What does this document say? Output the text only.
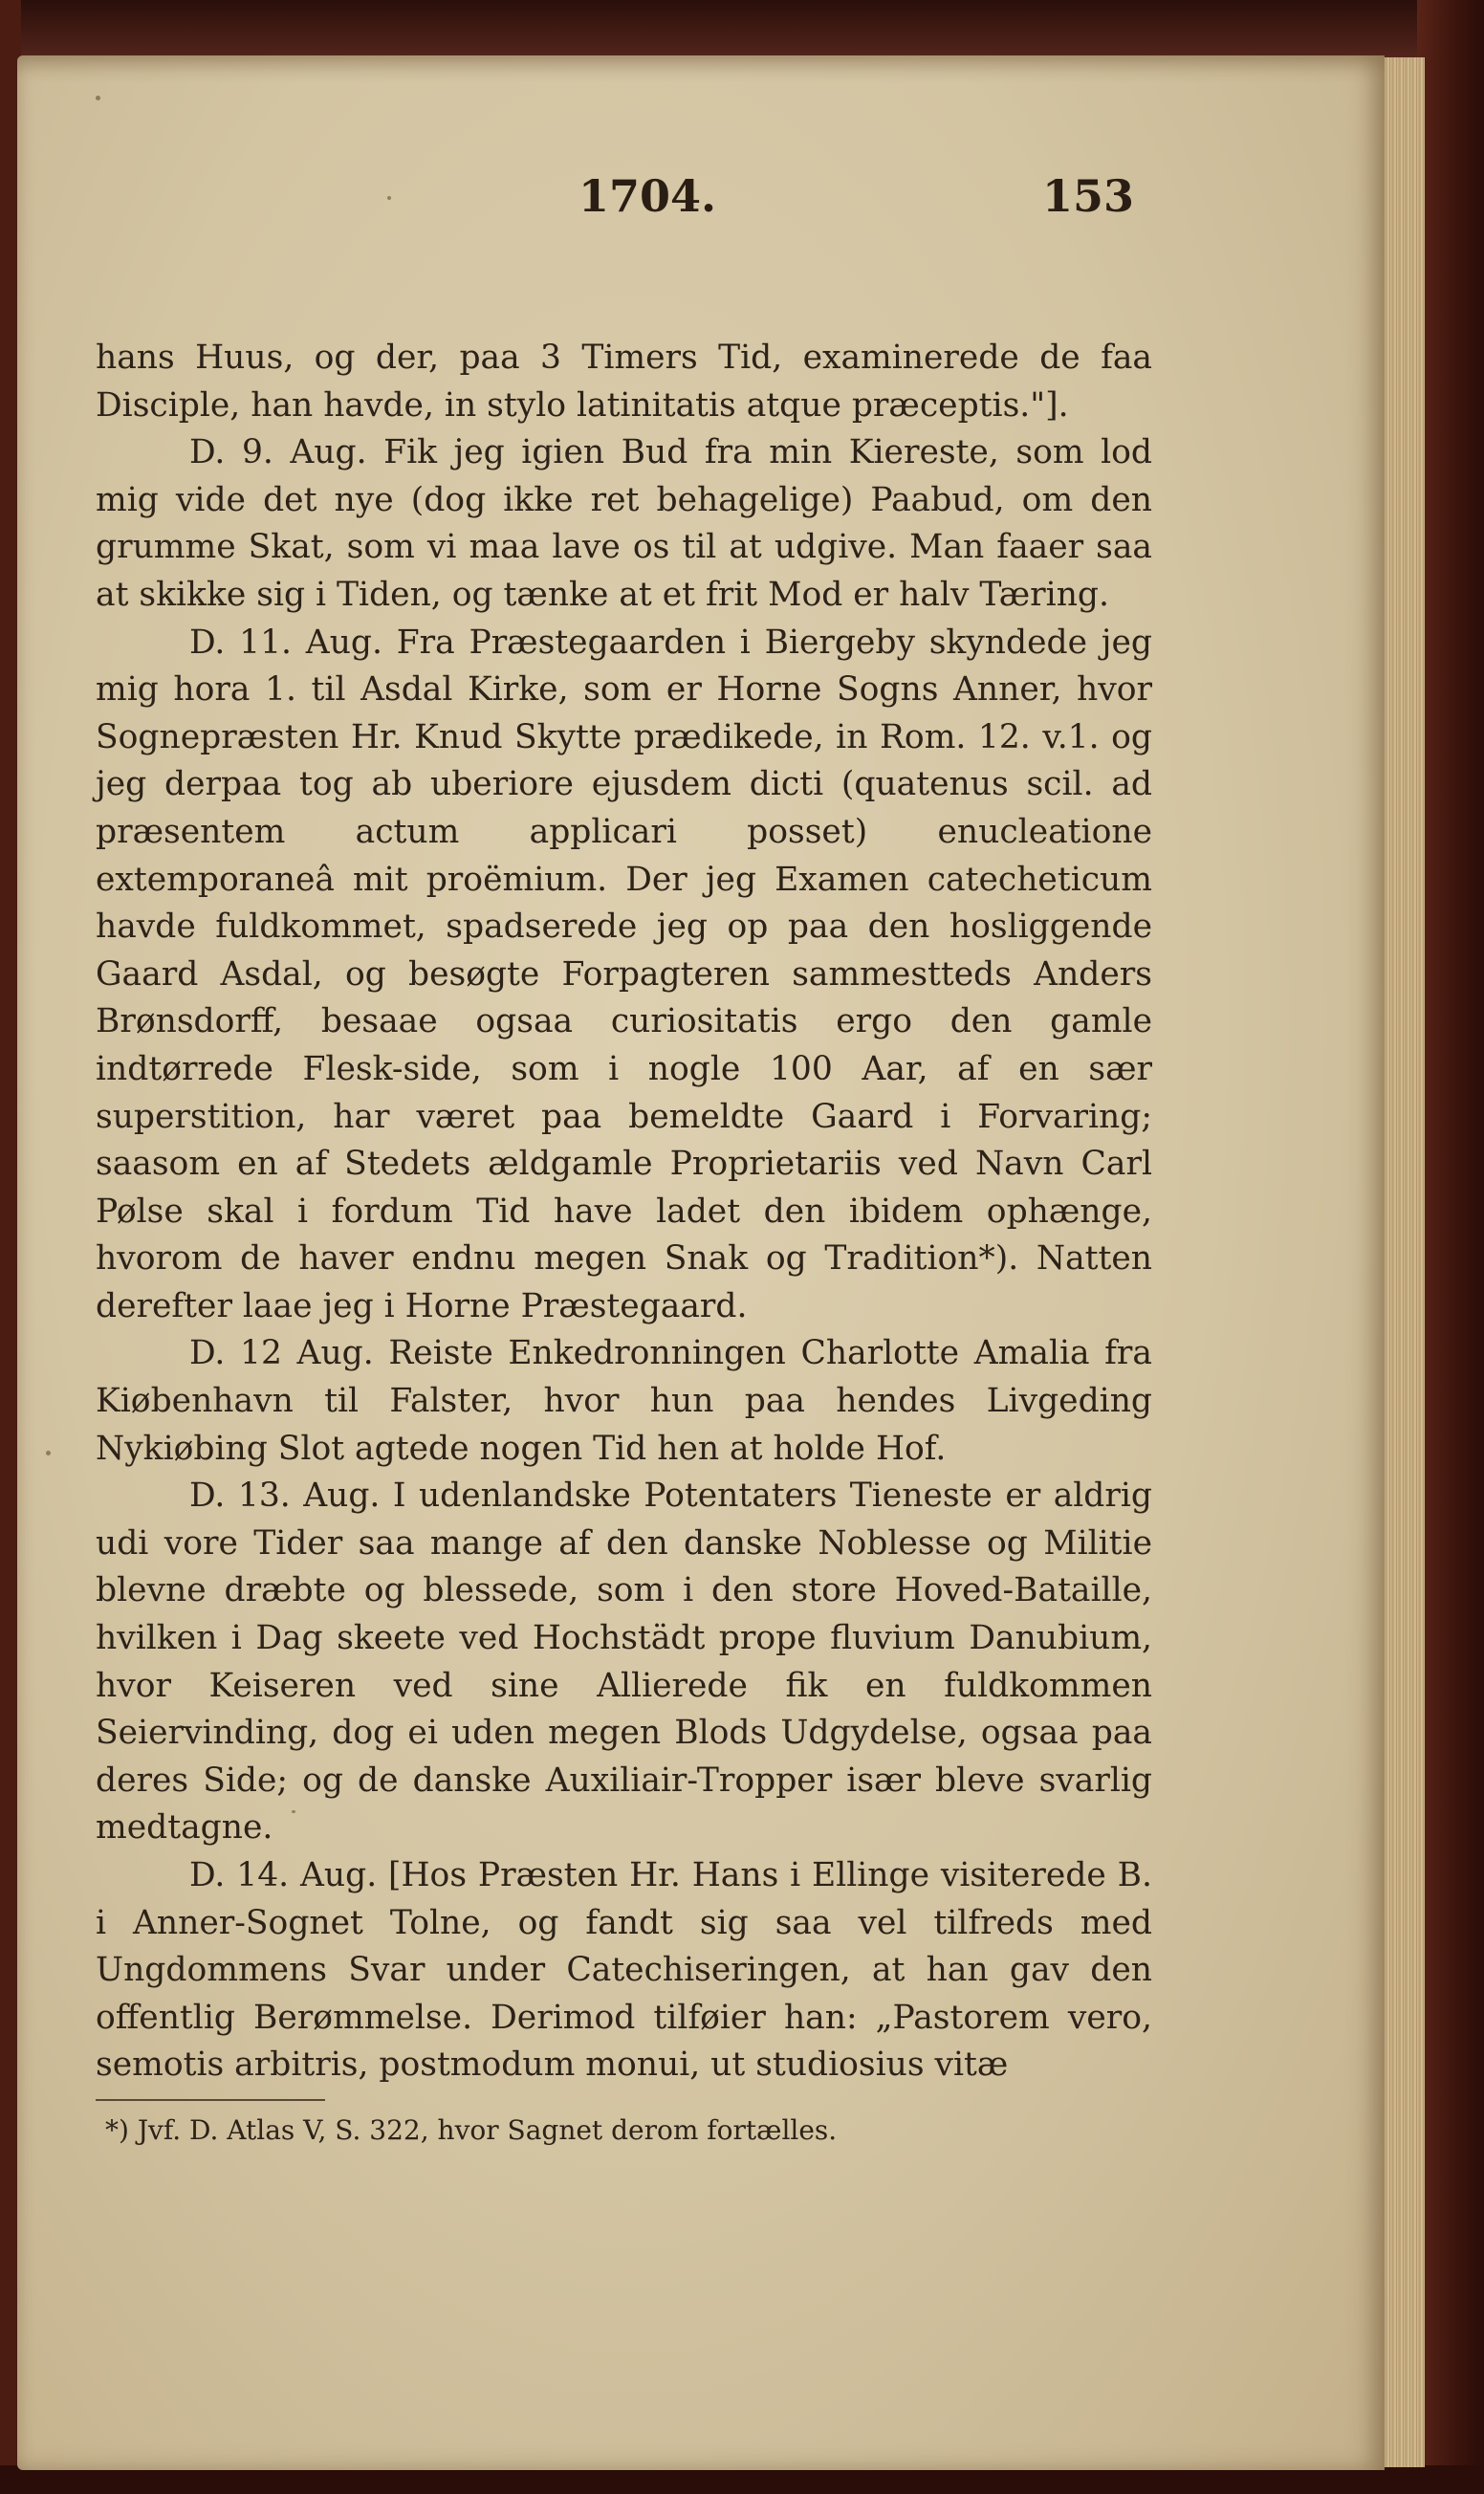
1704.	153

hans Huus, og der, paa 3 Timers Tid, examinerede de faa Disciple, han havde, in stylo latinitatis atque præceptis."].

D. 9. Aug. Fik jeg igien Bud fra min Kiereste, som lod mig vide det nye (dog ikke ret behagelige) Paabud, om den grumme Skat, som vi maa lave os til at udgive. Man faaer saa at skikke sig i Tiden, og tænke at et frit Mod er halv Tæring.

D. 11. Aug. Fra Præstegaarden i Biergeby skyndede jeg mig hora 1. til Asdal Kirke, som er Horne Sogns Anner, hvor Sognepræsten Hr. Knud Skytte prædikede, in Rom. 12. v.1. og jeg derpaa tog ab uberiore ejusdem dicti (quatenus scil. ad præsentem actum applicari posset) enucleatione extemporaneâ mit proëmium. Der jeg Examen catecheticum havde fuldkommet, spadserede jeg op paa den hosliggende Gaard Asdal, og besøgte Forpagteren sammestteds Anders Brønsdorff, besaae ogsaa curiositatis ergo den gamle indtørrede Flesk-side, som i nogle 100 Aar, af en sær superstition, har været paa bemeldte Gaard i Forvaring; saasom en af Stedets ældgamle Proprietariis ved Navn Carl Pølse skal i fordum Tid have ladet den ibidem ophænge, hvorom de haver endnu megen Snak og Tradition*). Natten derefter laae jeg i Horne Præstegaard.

D. 12 Aug. Reiste Enkedronningen Charlotte Amalia fra Kiøbenhavn til Falster, hvor hun paa hendes Livgeding Nykiøbing Slot agtede nogen Tid hen at holde Hof.

D. 13. Aug. I udenlandske Potentaters Tieneste er aldrig udi vore Tider saa mange af den danske Noblesse og Militie blevne dræbte og blessede, som i den store Hoved-Bataille, hvilken i Dag skeete ved Hochstädt prope fluvium Danubium, hvor Keiseren ved sine Allierede fik en fuldkommen Seiervinding, dog ei uden megen Blods Udgydelse, ogsaa paa deres Side; og de danske Auxiliair-Tropper især bleve svarlig medtagne.

D. 14. Aug. [Hos Præsten Hr. Hans i Ellinge visiterede B. i Anner-Sognet Tolne, og fandt sig saa vel tilfreds med Ungdommens Svar under Catechiseringen, at han gav den offentlig Berømmelse. Derimod tilføier han: „Pastorem vero, semotis arbitris, postmodum monui, ut studiosius vitæ

*) Jvf. D. Atlas V, S. 322, hvor Sagnet derom fortælles.
